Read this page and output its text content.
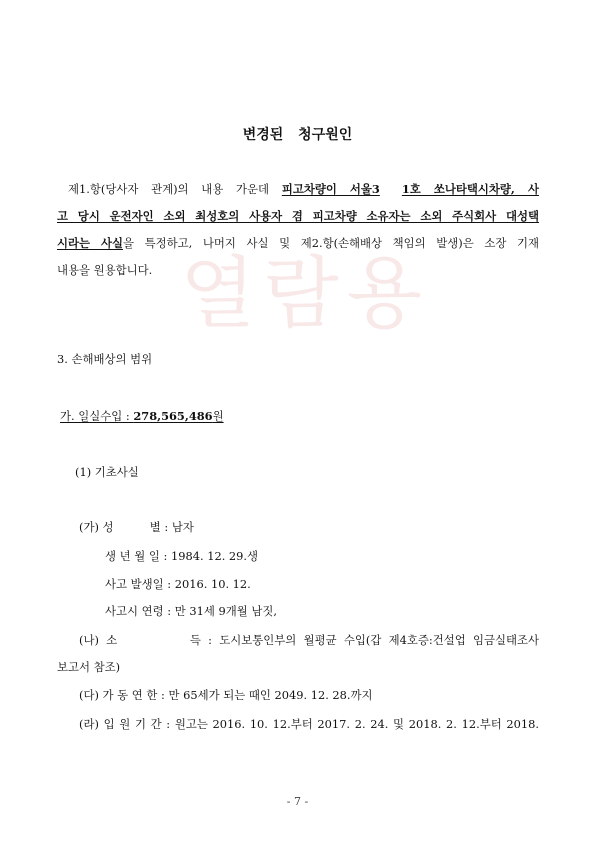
열람용
변경된 청구원인
제1.항(당사자 관계)의 내용 가운데 피고차량이 서울3 1호 쏘나타택시차량, 사
고 당시 운전자인 소외 최성호의 사용자 겸 피고차량 소유자는 소외 주식회사 대성택
시라는 사실을 특정하고, 나머지 사실 및 제2.항(손해배상 책임의 발생)은 소장 기재
내용을 원용합니다.
3. 손해배상의 범위
가. 일실수입 : 278,565,486원
(1) 기초사실
(가) 성          별 : 남자
생 년 월 일 : 1984. 12. 29.생
사고 발생일 : 2016. 10. 12.
사고시 연령 : 만 31세 9개월 남짓,
(나) 소          득 : 도시보통인부의 월평균 수입(갑 제4호증:건설업 임금실태조사
보고서 참조)
(다) 가 동 연 한 : 만 65세가 되는 때인 2049. 12. 28.까지
(라) 입 원 기 간 : 원고는 2016. 10. 12.부터 2017. 2. 24. 및 2018. 2. 12.부터 2018.
- 7 -
